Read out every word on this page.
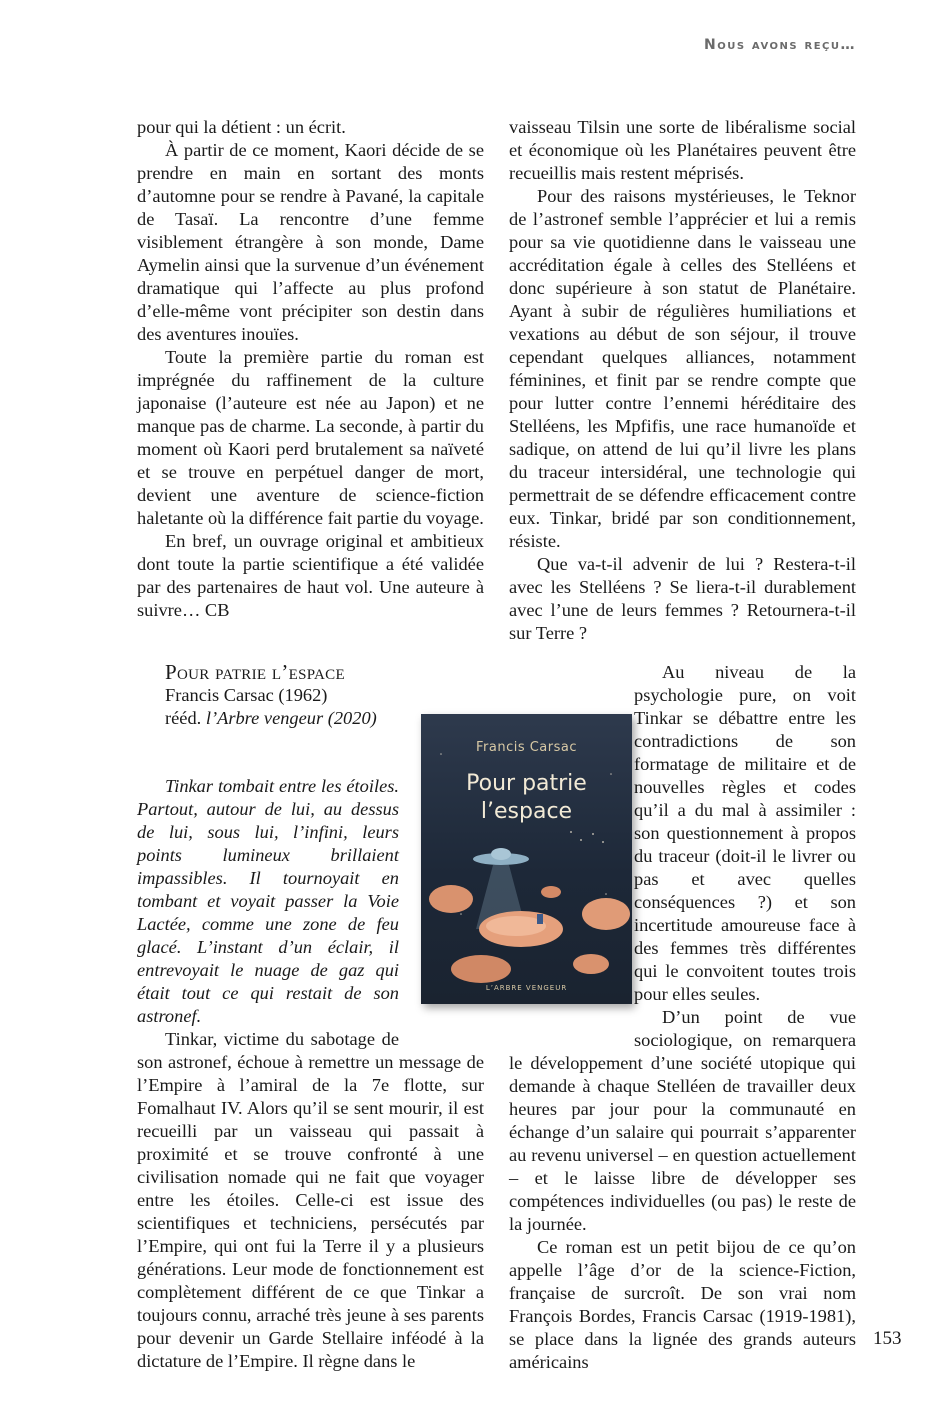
Nous avons reçu…

pour qui la détient : un écrit.

À partir de ce moment, Kaori décide de se prendre en main en sortant des monts d’automne pour se rendre à Pavané, la capitale de Tasaï. La rencontre d’une femme visiblement étrangère à son monde, Dame Aymelin ainsi que la survenue d’un événement dramatique qui l’affecte au plus profond d’elle-même vont précipiter son destin dans des aventures inouïes.

Toute la première partie du roman est imprégnée du raffinement de la culture japonaise (l’auteure est née au Japon) et ne manque pas de charme. La seconde, à partir du moment où Kaori perd brutalement sa naïveté et se trouve en perpétuel danger de mort, devient une aventure de science-fiction haletante où la différence fait partie du voyage.

En bref, un ouvrage original et ambitieux dont toute la partie scientifique a été validée par des partenaires de haut vol. Une auteure à suivre… CB

vaisseau Tilsin une sorte de libéralisme social et économique où les Planétaires peuvent être recueillis mais restent méprisés.

Pour des raisons mystérieuses, le Teknor de l’astronef semble l’apprécier et lui a remis pour sa vie quotidienne dans le vaisseau une accréditation égale à celles des Stelléens et donc supérieure à son statut de Planétaire. Ayant à subir de régulières humiliations et vexations au début de son séjour, il trouve cependant quelques alliances, notamment féminines, et finit par se rendre compte que pour lutter contre l’ennemi héréditaire des Stelléens, les Mpfifis, une race humanoïde et sadique, on attend de lui qu’il livre les plans du traceur intersidéral, une technologie qui permettrait de se défendre efficacement contre eux. Tinkar, bridé par son conditionnement, résiste.

Que va-t-il advenir de lui ? Restera-t-il avec les Stelléens ? Se liera-t-il durablement avec l’une de leurs femmes ? Retournera-t-il sur Terre ?

Pour patrie l’espace
Francis Carsac (1962)
rééd. l’Arbre vengeur (2020)

Tinkar tombait entre les étoiles. Partout, autour de lui, au dessus de lui, sous lui, l’infini, leurs points lumineux brillaient impassibles. Il tournoyait en tombant et voyait passer la Voie Lactée, comme une zone de feu glacé. L’instant d’un éclair, il entrevoyait le nuage de gaz qui était tout ce qui restait de son astronef.

Tinkar, victime du sabotage de son astronef, échoue à remettre un message de l’Empire à l’amiral de la 7e flotte, sur Fomalhaut IV. Alors qu’il se sent mourir, il est recueilli par un vaisseau qui passait à proximité et se trouve confronté à une civilisation nomade qui ne fait que voyager entre les étoiles. Celle-ci est issue des scientifiques et techniciens, persécutés par l’Empire, qui ont fui la Terre il y a plusieurs générations. Leur mode de fonctionnement est complètement différent de ce que Tinkar a toujours connu, arraché très jeune à ses parents pour devenir un Garde Stellaire inféodé à la dictature de l’Empire. Il règne dans le

Au niveau de la psychologie pure, on voit Tinkar se débattre entre les contradictions de son formatage de militaire et de nouvelles règles et codes qu’il a du mal à assimiler : son questionnement à propos du traceur (doit-il le livrer ou pas et avec quelles conséquences ?) et son incertitude amoureuse face à des femmes très différentes qui le convoitent toutes trois pour elles seules.

D’un point de vue sociologique, on remarquera le développement d’une société utopique qui demande à chaque Stelléen de travailler deux heures par jour pour la communauté en échange d’un salaire qui pourrait s’apparenter au revenu universel – en question actuellement – et le laisse libre de développer ses compétences individuelles (ou pas) le reste de la journée.

Ce roman est un petit bijou de ce qu’on appelle l’âge d’or de la science-Fiction, française de surcroît. De son vrai nom François Bordes, Francis Carsac (1919-1981), se place dans la lignée des grands auteurs américains

Francis Carsac
Pour patrie
l’espace
L’ARBRE VENGEUR
153
